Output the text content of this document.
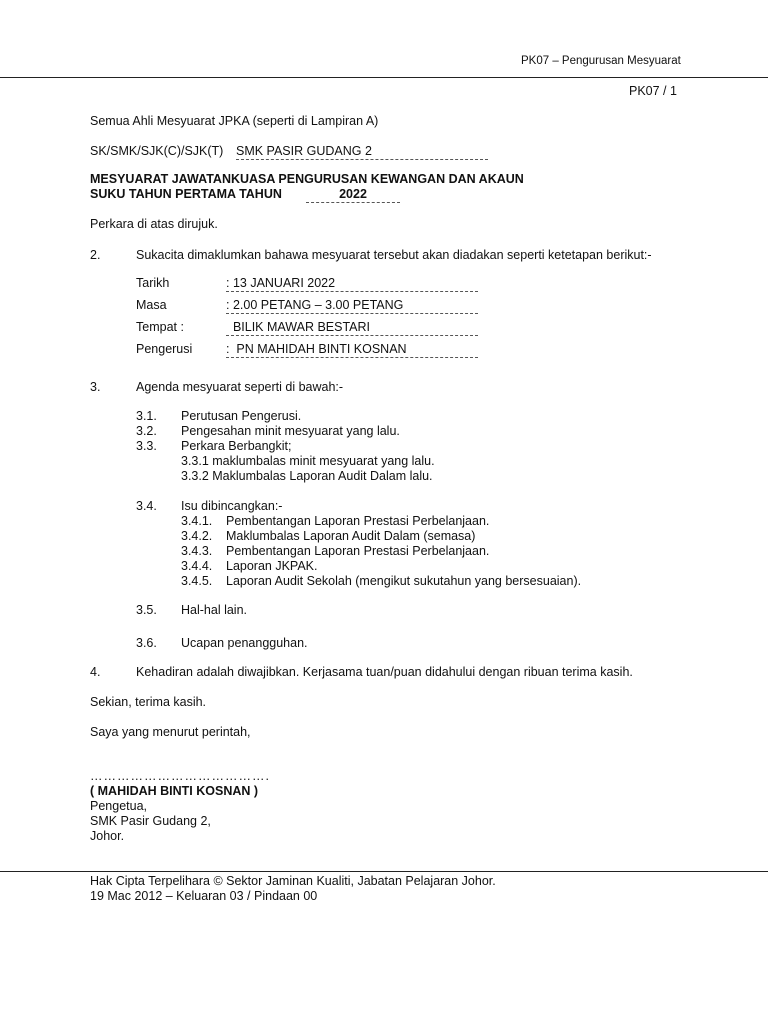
PK07 – Pengurusan Mesyuarat
PK07 / 1
Semua Ahli Mesyuarat JPKA (seperti di Lampiran A)
SK/SMK/SJK(C)/SJK(T) SMK PASIR GUDANG 2
MESYUARAT JAWATANKUASA PENGURUSAN KEWANGAN DAN AKAUN
SUKU TAHUN PERTAMA TAHUN	2022
Perkara di atas dirujuk.
2.	Sukacita dimaklumkan bahawa mesyuarat tersebut akan diadakan seperti ketetapan berikut:-
Tarikh	: 13 JANUARI 2022
Masa	: 2.00 PETANG – 3.00 PETANG
Tempat :	BILIK MAWAR BESTARI
Pengerusi	:  PN MAHIDAH BINTI KOSNAN
3.	Agenda mesyuarat seperti di bawah:-
3.1. Perutusan Pengerusi.
3.2. Pengesahan minit mesyuarat yang lalu.
3.3. Perkara Berbangkit;
3.3.1 maklumbalas minit mesyuarat yang lalu.
3.3.2 Maklumbalas Laporan Audit Dalam lalu.
3.4. Isu dibincangkan:-
3.4.1. Pembentangan Laporan Prestasi Perbelanjaan.
3.4.2. Maklumbalas Laporan Audit Dalam (semasa)
3.4.3. Pembentangan Laporan Prestasi Perbelanjaan.
3.4.4. Laporan JKPAK.
3.4.5. Laporan Audit Sekolah (mengikut sukutahun yang bersesuaian).
3.5. Hal-hal lain.
3.6. Ucapan penangguhan.
4.	Kehadiran adalah diwajibkan. Kerjasama tuan/puan didahului dengan ribuan terima kasih.
Sekian, terima kasih.
Saya yang menurut perintah,
………………………………….
( MAHIDAH BINTI KOSNAN )
Pengetua,
SMK Pasir Gudang 2,
Johor.
Hak Cipta Terpelihara © Sektor Jaminan Kualiti, Jabatan Pelajaran Johor.
19 Mac 2012 – Keluaran 03 / Pindaan 00
